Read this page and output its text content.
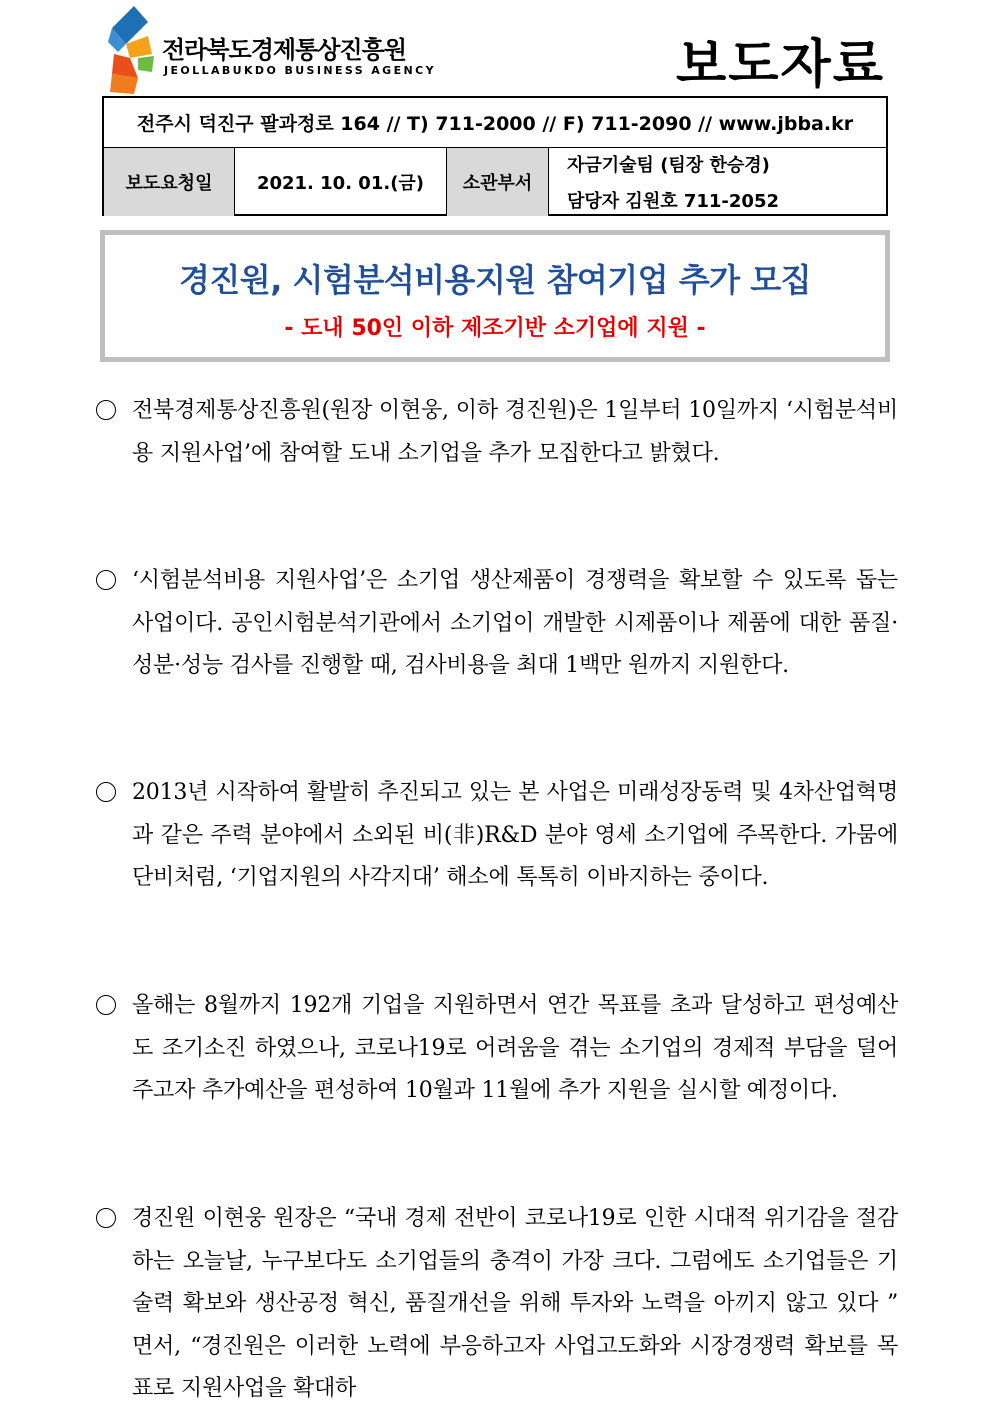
전라북도경제통상진흥원
JEOLLABUKDO BUSINESS AGENCY	보도자료
전주시 덕진구 팔과정로 164 // T) 711-2000 // F) 711-2090 // www.jbba.kr
보도요청일	2021. 10. 01.(금)	소관부서
자금기술팀 (팀장 한승경)
담당자 김원호 711-2052
경진원, 시험분석비용지원 참여기업 추가 모집
- 도내 50인 이하 제조기반 소기업에 지원 -
전북경제통상진흥원(원장 이현웅, 이하 경진원)은 1일부터 10일까지 ‘시험분석비용 지원사업’에 참여할 도내 소기업을 추가 모집한다고 밝혔다.
‘시험분석비용 지원사업’은 소기업 생산제품이 경쟁력을 확보할 수 있도록 돕는 사업이다. 공인시험분석기관에서 소기업이 개발한 시제품이나 제품에 대한 품질·성분·성능 검사를 진행할 때, 검사비용을 최대 1백만 원까지 지원한다.
2013년 시작하여 활발히 추진되고 있는 본 사업은 미래성장동력 및 4차산업혁명과 같은 주력 분야에서 소외된 비(非)R&D 분야 영세 소기업에 주목한다. 가뭄에 단비처럼, ‘기업지원의 사각지대’ 해소에 톡톡히 이바지하는 중이다.
올해는 8월까지 192개 기업을 지원하면서 연간 목표를 초과 달성하고 편성예산도 조기소진 하였으나, 코로나19로 어려움을 겪는 소기업의 경제적 부담을 덜어 주고자 추가예산을 편성하여 10월과 11월에 추가 지원을 실시할 예정이다.
경진원 이현웅 원장은 “국내 경제 전반이 코로나19로 인한 시대적 위기감을 절감하는 오늘날, 누구보다도 소기업들의 충격이 가장 크다. 그럼에도 소기업들은 기술력 확보와 생산공정 혁신, 품질개선을 위해 투자와 노력을 아끼지 않고 있다 ” 면서, “경진원은 이러한 노력에 부응하고자 사업고도화와 시장경쟁력 확보를 목표로 지원사업을 확대하
